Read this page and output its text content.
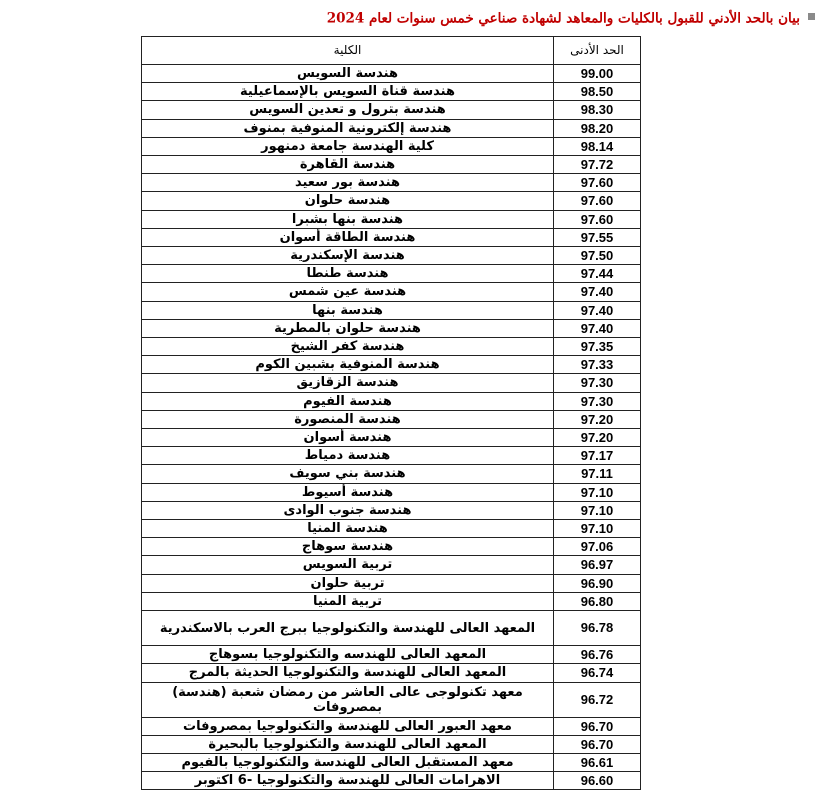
بيان بالحد الأدني للقبول بالكليات والمعاهد لشهادة صناعي خمس سنوات لعام 2024
الحد الأدنى	الكلية
99.00	هندسة السويس
98.50	هندسة قناة السويس بالإسماعيلية
98.30	هندسة بترول و تعدين السويس
98.20	هندسة إلكترونية المنوفية بمنوف
98.14	كلية الهندسة جامعة دمنهور
97.72	هندسة القاهرة
97.60	هندسة بور سعيد
97.60	هندسة حلوان
97.60	هندسة بنها بشبرا
97.55	هندسة الطاقة أسوان
97.50	هندسة الإسكندرية
97.44	هندسة طنطا
97.40	هندسة عين شمس
97.40	هندسة بنها
97.40	هندسة حلوان بالمطرية
97.35	هندسة كفر الشيخ
97.33	هندسة المنوفية بشبين الكوم
97.30	هندسة الزقازيق
97.30	هندسة الفيوم
97.20	هندسة المنصورة
97.20	هندسة أسوان
97.17	هندسة دمياط
97.11	هندسة بني سويف
97.10	هندسة أسيوط
97.10	هندسة جنوب الوادى
97.10	هندسة المنيا
97.06	هندسة سوهاج
96.97	تربية السويس
96.90	تربية حلوان
96.80	تربية المنيا
96.78	المعهد العالى للهندسة والتكنولوجيا ببرج العرب بالاسكندرية
96.76	المعهد العالى للهندسه والتكنولوجيا بسوهاج
96.74	المعهد العالى للهندسة والتكنولوجيا الحديثة بالمرج
96.72	معهد تكنولوجى عالى العاشر من رمضان شعبة (هندسة) بمصروفات
96.70	معهد العبور العالى للهندسة والتكنولوجيا بمصروفات
96.70	المعهد العالى للهندسة والتكنولوجيا بالبحيرة
96.61	معهد المستقبل العالى للهندسة والتكنولوجيا بالفيوم
96.60	الاهرامات العالى للهندسة والتكنولوجيا -6 اكتوبر
